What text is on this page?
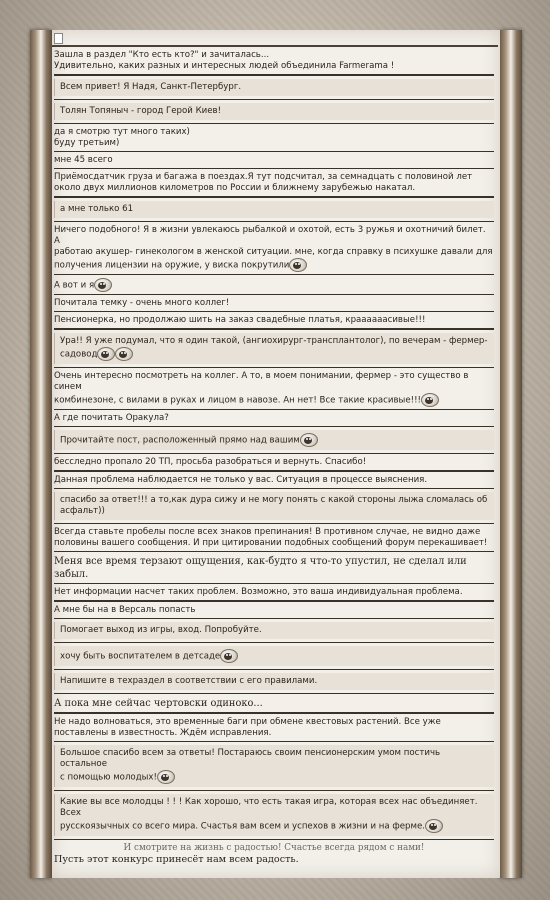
Зашла в раздел "Кто есть кто?" и зачиталась...
Удивительно, каких разных и интересных людей объединила Farmerama !
Всем привет! Я Надя, Санкт-Петербург.
Толян Топяныч - город Герой Киев!
да я смотрю тут много таких)
буду третьим)
мне 45 всего
Приёмосдатчик груза и багажа в поездах.Я тут подсчитал, за семнадцать с половиной лет
около двух миллионов километров по России и ближнему зарубежью накатал.
а мне только 61
Ничего подобного! Я в жизни увлекаюсь рыбалкой и охотой, есть 3 ружья и охотничий билет. А
работаю акушер- гинекологом в женской ситуации. мне, когда справку в психушке давали для
получения лицензии на оружие, у виска покрутили
А вот и я
Почитала темку - очень много коллег!
Пенсионерка, но продолжаю шить на заказ свадебные платья, краааааасивые!!!
Ура!! Я уже подумал, что я один такой, (ангиохирург-трансплантолог), по вечерам - фермер-
садовод
Очень интересно посмотреть на коллег. А то, в моем понимании, фермер - это существо в синем
комбинезоне, с вилами в руках и лицом в навозе. Ан нет! Все такие красивые!!!
А где почитать Оракула?
Прочитайте пост, расположенный прямо над вашим
бесследно пропало 20 ТП, просьба разобраться и вернуть. Спасибо!
Данная проблема наблюдается не только у вас. Ситуация в процессе выяснения.
спасибо за ответ!!! а то,как дура сижу и не могу понять с какой стороны лыжа сломалась об
асфальт))
Всегда ставьте пробелы после всех знаков препинания! В противном случае, не видно даже
половины вашего сообщения. И при цитировании подобных сообщений форум перекашивает!
Меня все время терзают ощущения, как-будто я что-то упустил, не сделал или забыл.
Нет информации насчет таких проблем. Возможно, это ваша индивидуальная проблема.
А мне бы на в Версаль попасть
Помогает выход из игры, вход. Попробуйте.
хочу быть воспитателем в детсаде
Напишите в техраздел в соответствии с его правилами.
А пока мне сейчас чертовски одиноко...
Не надо волноваться, это временные баги при обмене квестовых растений. Все уже
поставлены в известность. Ждём исправления.
Большое спасибо всем за ответы! Постараюсь своим пенсионерским умом постичь остальное
с помощью молодых!
Какие вы все молодцы ! ! ! Как хорошо, что есть такая игра, которая всех нас объединяет. Всех
русскоязычных со всего мира. Счастья вам всем и успехов в жизни и на ферме.
И смотрите на жизнь с радостью! Счастье всегда рядом с нами!
Пусть этот конкурс принесёт нам всем радость.
